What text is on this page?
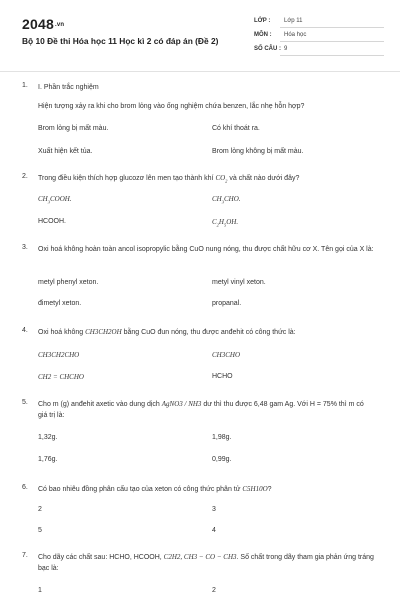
2048.vn
Bộ 10 Đề thi Hóa học 11 Học kì 2 có đáp án (Đề 2)
LỚP : Lớp 11
MÔN : Hóa học
SỐ CÂU : 9
1. I. Phần trắc nghiệm
Hiện tượng xảy ra khi cho brom lỏng vào ống nghiệm chứa benzen, lắc nhẹ hỗn hợp?
Brom lỏng bị mất màu.	Có khí thoát ra.
Xuất hiện kết tủa.	Brom lỏng không bị mất màu.
2. Trong điều kiện thích hợp glucozơ lên men tạo thành khí $CO_2$ và chất nào dưới đây?
$CH_3COOH$.	$CH_3CHO$.
HCOOH.	$C_2H_5OH$.
3. Oxi hoá không hoàn toàn ancol isopropylic bằng CuO nung nóng, thu được chất hữu cơ X. Tên gọi của X là:
metyl phenyl xeton.	metyl vinyl xeton.
đimetyl xeton.	propanal.
4. Oxi hoá không CH3CH2OH bằng CuO đun nóng, thu được anđehit có công thức là:
CH3CH2CHO	CH3CHO
CH2 = CHCHO	HCHO
5. Cho m (g) anđehit axetic vào dung dịch AgNO3 / NH3 dư thì thu được 6,48 gam Ag. Với H = 75% thì m có giá trị là:
1,32g.	1,98g.
1,76g.	0,99g.
6. Có bao nhiêu đồng phân cấu tạo của xeton có công thức phân tử C5H10O?
2	3
5	4
7. Cho dãy các chất sau: HCHO, HCOOH, C2H2, CH3 − CO − CH3. Số chất trong dãy tham gia phản ứng tráng bạc là:
1	2
